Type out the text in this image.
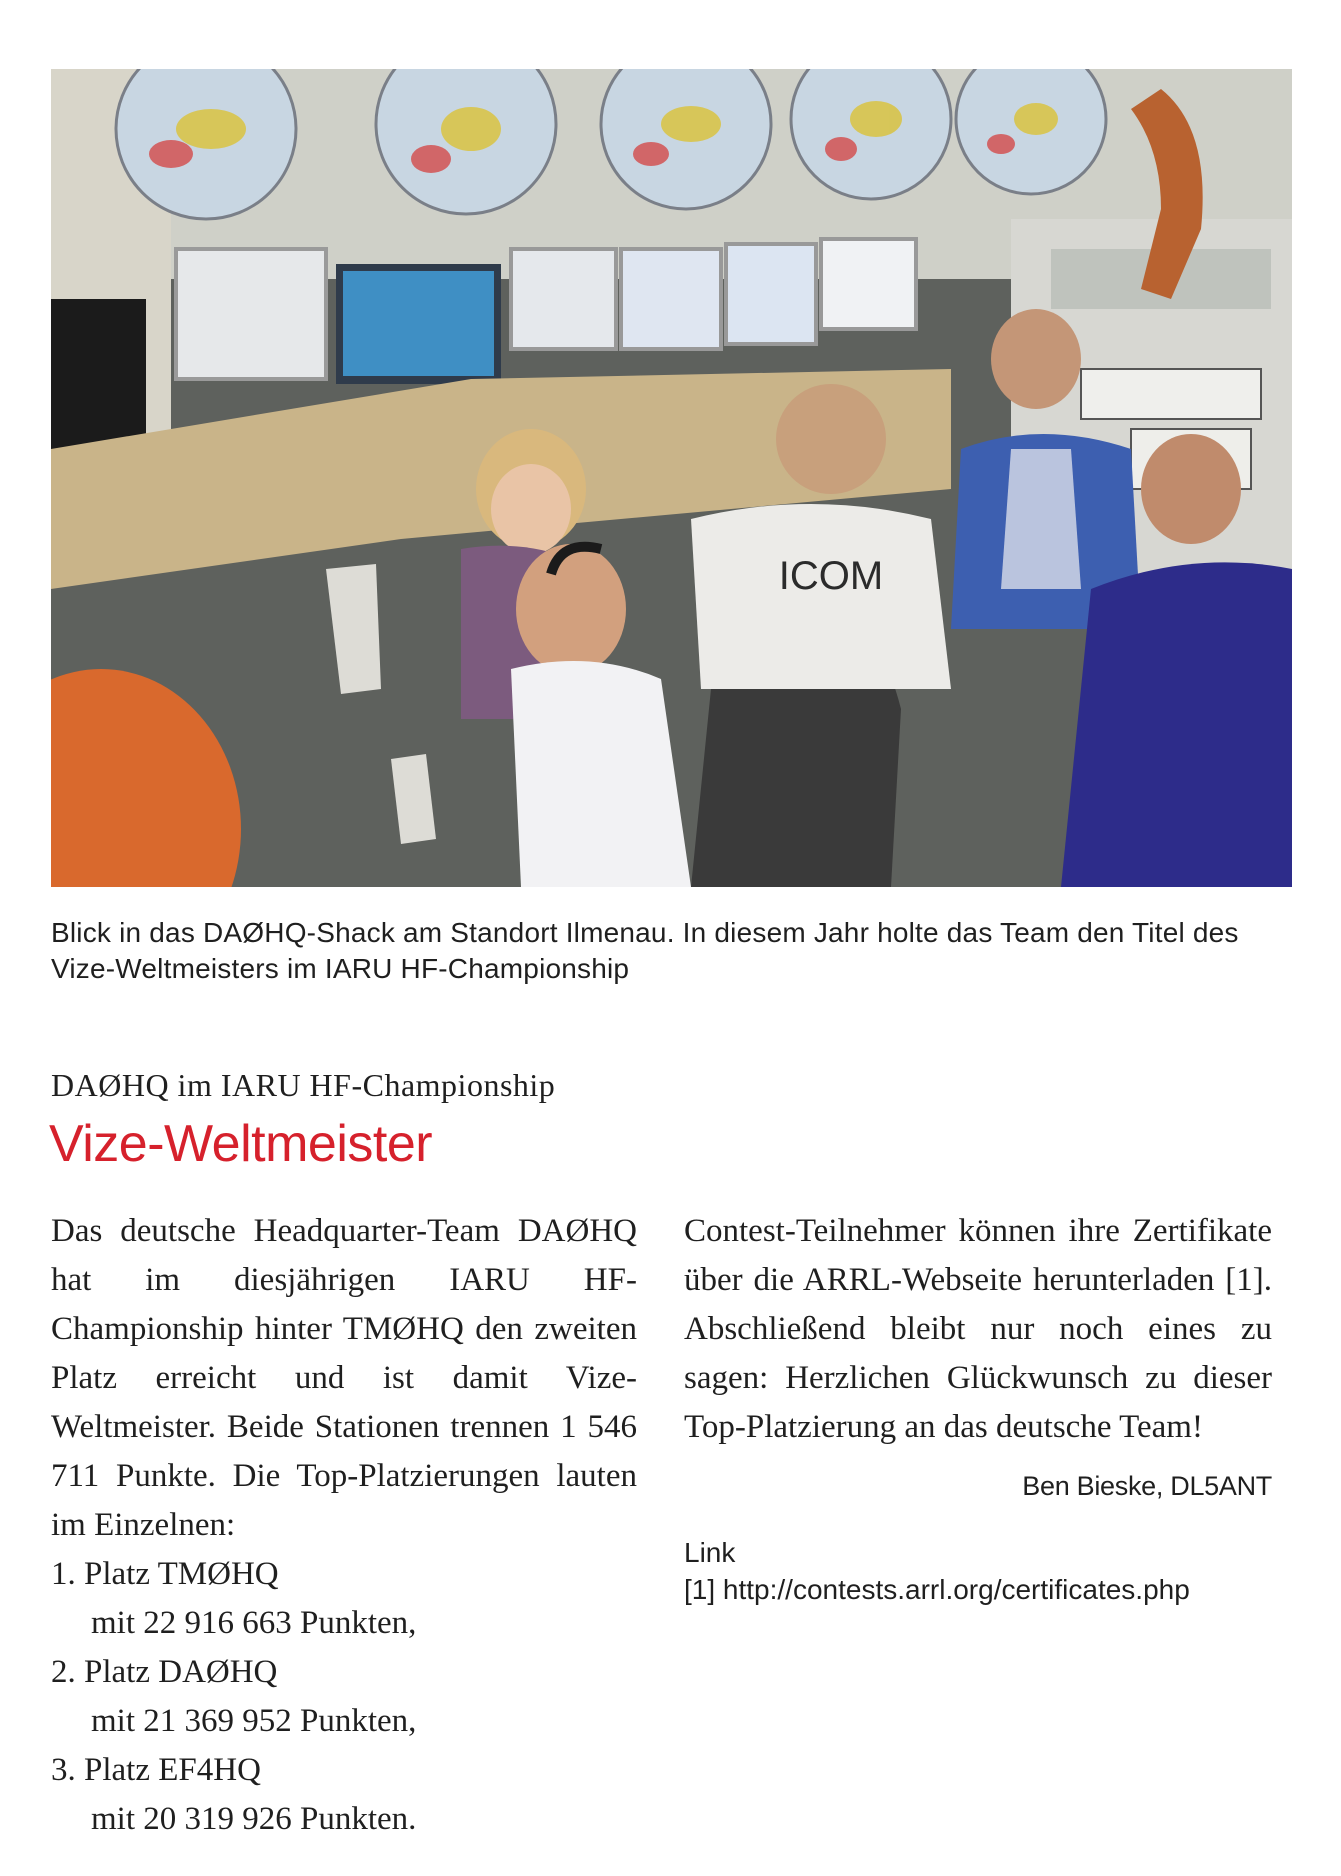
ICOM
Blick in das DAØHQ-Shack am Standort Ilmenau. In diesem Jahr holte das Team den Titel des Vize-Weltmeisters im IARU HF-Championship
DAØHQ im IARU HF-Championship
Vize-Weltmeister

Das deutsche Headquarter-Team DAØHQ hat im diesjährigen IARU HF-Championship hinter TMØHQ den zweiten Platz erreicht und ist damit Vize-Weltmeister. Beide Stationen trennen 1 546 711 Punkte. Die Top-Platzierungen lauten im Einzelnen:

1. Platz TMØHQ
mit 22 916 663 Punkten,
2. Platz DAØHQ
mit 21 369 952 Punkten,
3. Platz EF4HQ
mit 20 319 926 Punkten.

Contest-Teilnehmer können ihre Zertifikate über die ARRL-Webseite herunterladen [1]. Abschließend bleibt nur noch eines zu sagen: Herzlichen Glückwunsch zu dieser Top-Platzierung an das deutsche Team!

Ben Bieske, DL5ANT
Link
[1] http://contests.arrl.org/certificates.php
